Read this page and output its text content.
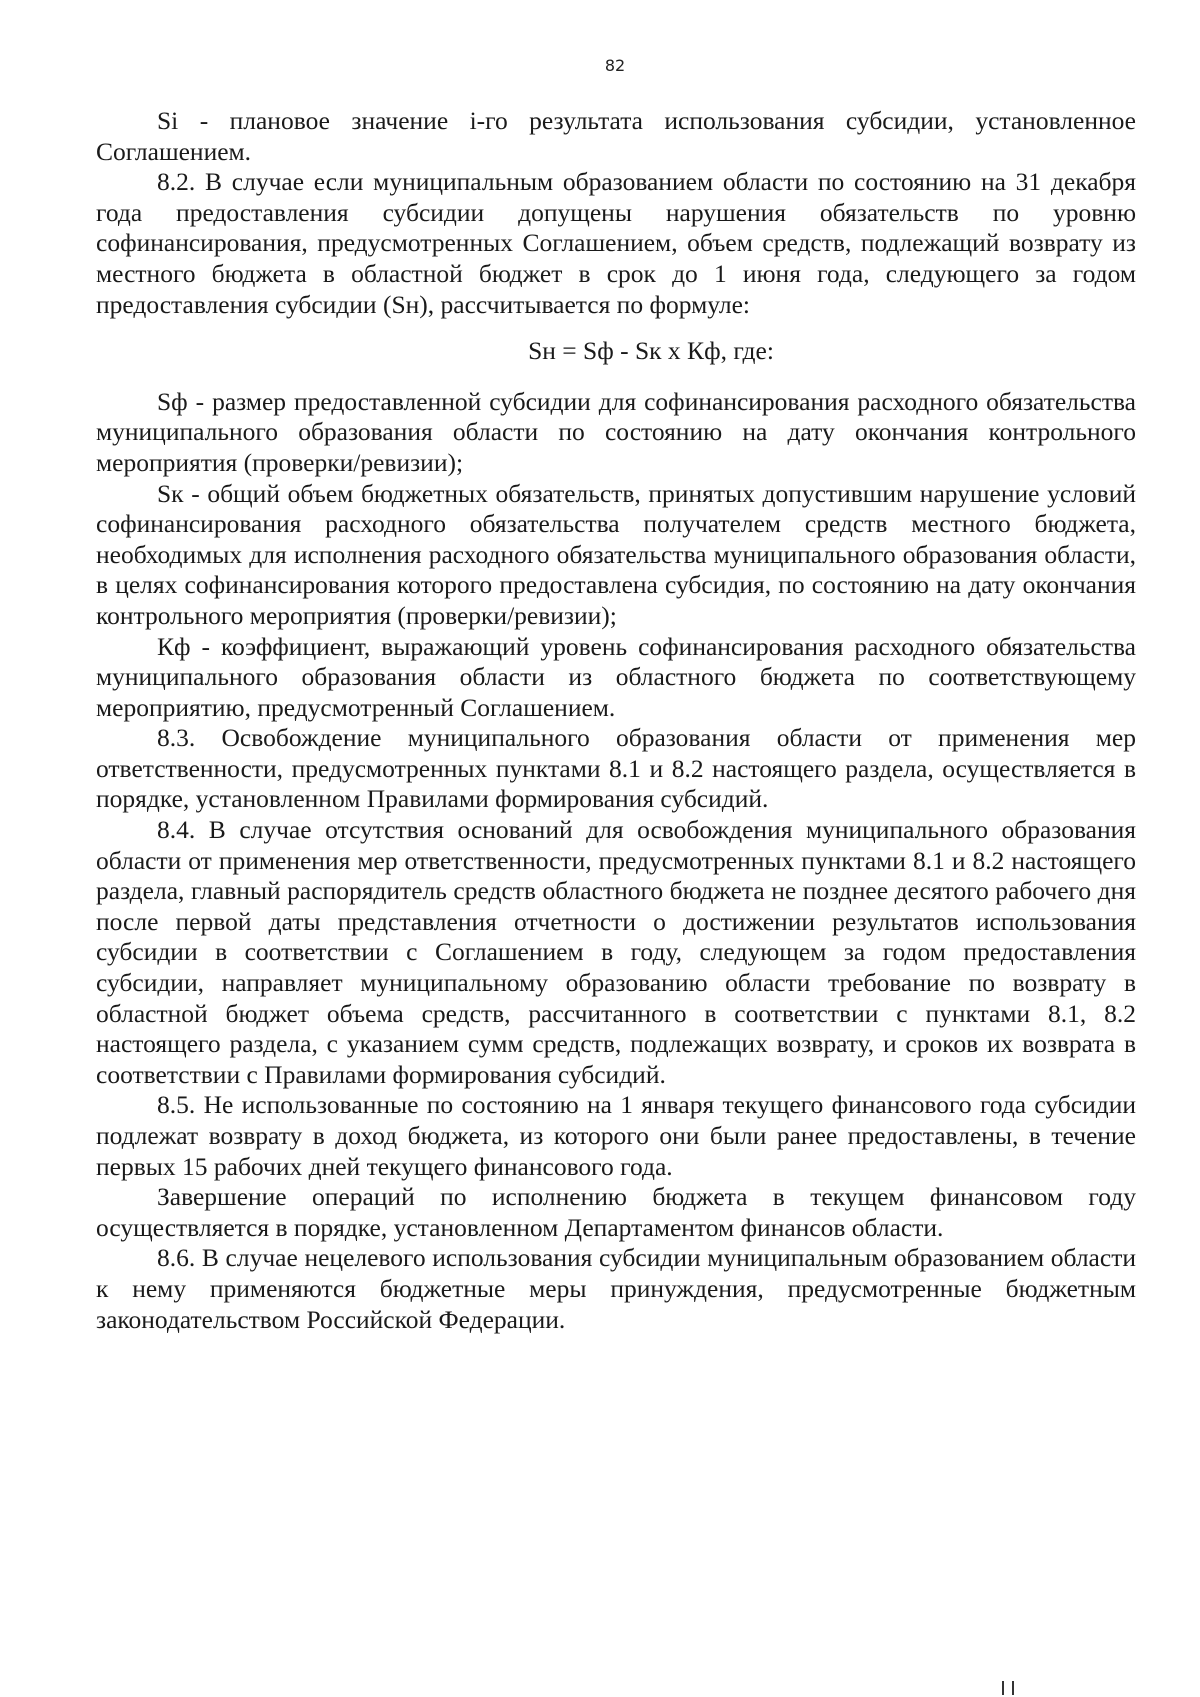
82

Si - плановое значение i-го результата использования субсидии, установленное Соглашением.

8.2. В случае если муниципальным образованием области по состоянию на 31 декабря года предоставления субсидии допущены нарушения обязательств по уровню софинансирования, предусмотренных Соглашением, объем средств, подлежащий возврату из местного бюджета в областной бюджет в срок до 1 июня года, следующего за годом предоставления субсидии (Sн), рассчитывается по формуле:

Sн = Sф - Sк х Кф, где:

Sф - размер предоставленной субсидии для софинансирования расходного обязательства муниципального образования области по состоянию на дату окончания контрольного мероприятия (проверки/ревизии);

Sк - общий объем бюджетных обязательств, принятых допустившим нарушение условий софинансирования расходного обязательства получателем средств местного бюджета, необходимых для исполнения расходного обязательства муниципального образования области, в целях софинансирования которого предоставлена субсидия, по состоянию на дату окончания контрольного мероприятия (проверки/ревизии);

Кф - коэффициент, выражающий уровень софинансирования расходного обязательства муниципального образования области из областного бюджета по соответствующему мероприятию, предусмотренный Соглашением.

8.3. Освобождение муниципального образования области от применения мер ответственности, предусмотренных пунктами 8.1 и 8.2 настоящего раздела, осуществляется в порядке, установленном Правилами формирования субсидий.

8.4. В случае отсутствия оснований для освобождения муниципального образования области от применения мер ответственности, предусмотренных пунктами 8.1 и 8.2 настоящего раздела, главный распорядитель средств областного бюджета не позднее десятого рабочего дня после первой даты представления отчетности о достижении результатов использования субсидии в соответствии с Соглашением в году, следующем за годом предоставления субсидии, направляет муниципальному образованию области требование по возврату в областной бюджет объема средств, рассчитанного в соответствии с пунктами 8.1, 8.2 настоящего раздела, с указанием сумм средств, подлежащих возврату, и сроков их возврата в соответствии с Правилами формирования субсидий.

8.5. Не использованные по состоянию на 1 января текущего финансового года субсидии подлежат возврату в доход бюджета, из которого они были ранее предоставлены, в течение первых 15 рабочих дней текущего финансового года.

Завершение операций по исполнению бюджета в текущем финансовом году осуществляется в порядке, установленном Департаментом финансов области.

8.6. В случае нецелевого использования субсидии муниципальным образованием области к нему применяются бюджетные меры принуждения, предусмотренные бюджетным законодательством Российской Федерации.
